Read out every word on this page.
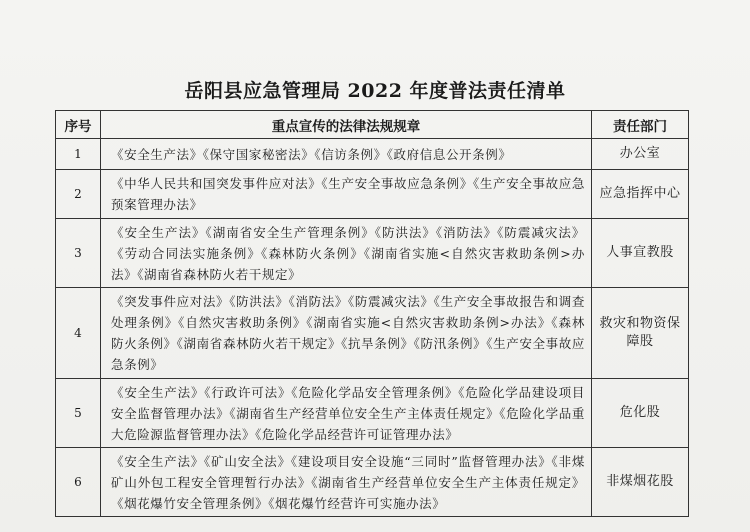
岳阳县应急管理局 2022 年度普法责任清单
序号	重点宣传的法律法规规章	责任部门
1	《安全生产法》《保守国家秘密法》《信访条例》《政府信息公开条例》	办公室
2	《中华人民共和国突发事件应对法》《生产安全事故应急条例》《生产安全事故应急预案管理办法》	应急指挥中心
3	《安全生产法》《湖南省安全生产管理条例》《防洪法》《消防法》《防震减灾法》《劳动合同法实施条例》《森林防火条例》《湖南省实施<自然灾害救助条例>办法》《湖南省森林防火若干规定》	人事宣教股
4	《突发事件应对法》《防洪法》《消防法》《防震减灾法》《生产安全事故报告和调查处理条例》《自然灾害救助条例》《湖南省实施<自然灾害救助条例>办法》《森林防火条例》《湖南省森林防火若干规定》《抗旱条例》《防汛条例》《生产安全事故应急条例》	救灾和物资保障股
5	《安全生产法》《行政许可法》《危险化学品安全管理条例》《危险化学品建设项目安全监督管理办法》《湖南省生产经营单位安全生产主体责任规定》《危险化学品重大危险源监督管理办法》《危险化学品经营许可证管理办法》	危化股
6	《安全生产法》《矿山安全法》《建设项目安全设施“三同时”监督管理办法》《非煤矿山外包工程安全管理暂行办法》《湖南省生产经营单位安全生产主体责任规定》《烟花爆竹安全管理条例》《烟花爆竹经营许可实施办法》	非煤烟花股
